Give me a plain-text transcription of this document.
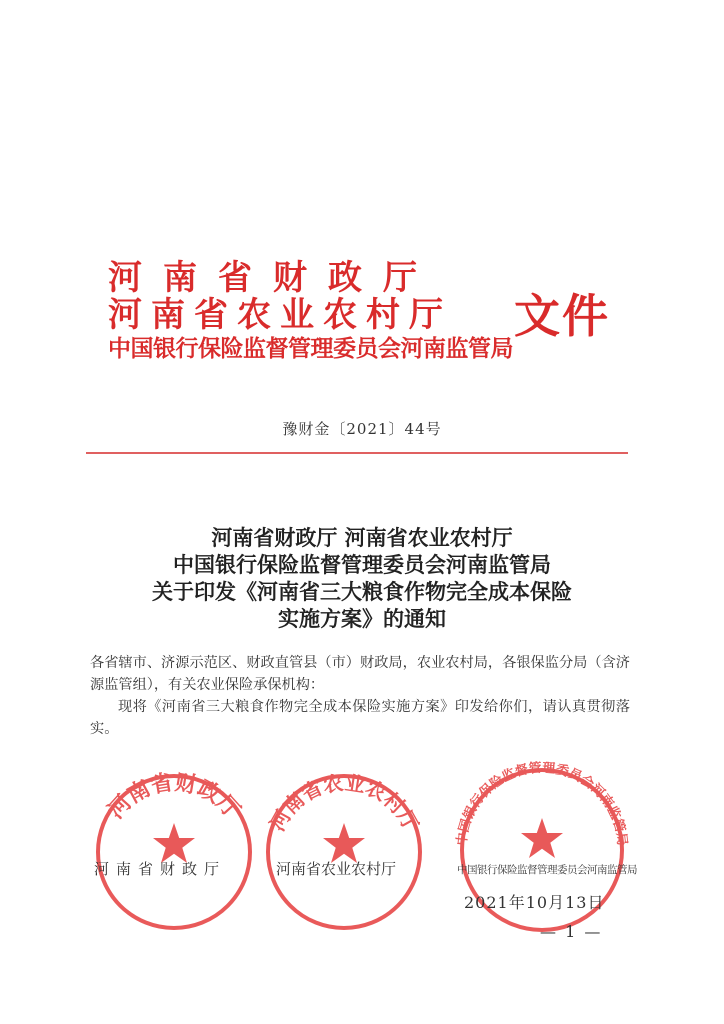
河南省财政厅
河南省农业农村厅
中国银行保险监督管理委员会河南监管局
文件
豫财金〔2021〕44号
河南省财政厅 河南省农业农村厅
中国银行保险监督管理委员会河南监管局
关于印发《河南省三大粮食作物完全成本保险
实施方案》的通知

各省辖市、济源示范区、财政直管县（市）财政局，农业农村局，各银保监分局（含济源监管组），有关农业保险承保机构：

现将《河南省三大粮食作物完全成本保险实施方案》印发给你们，请认真贯彻落实。

河南省财政厅 河南省农业农村厅
中国银行保险监督管理委员会河南监管局
河南省财政厅	河南省农业农村厅	中国银行保险监督管理委员会河南监管局
2021年10月13日
— 1 —
